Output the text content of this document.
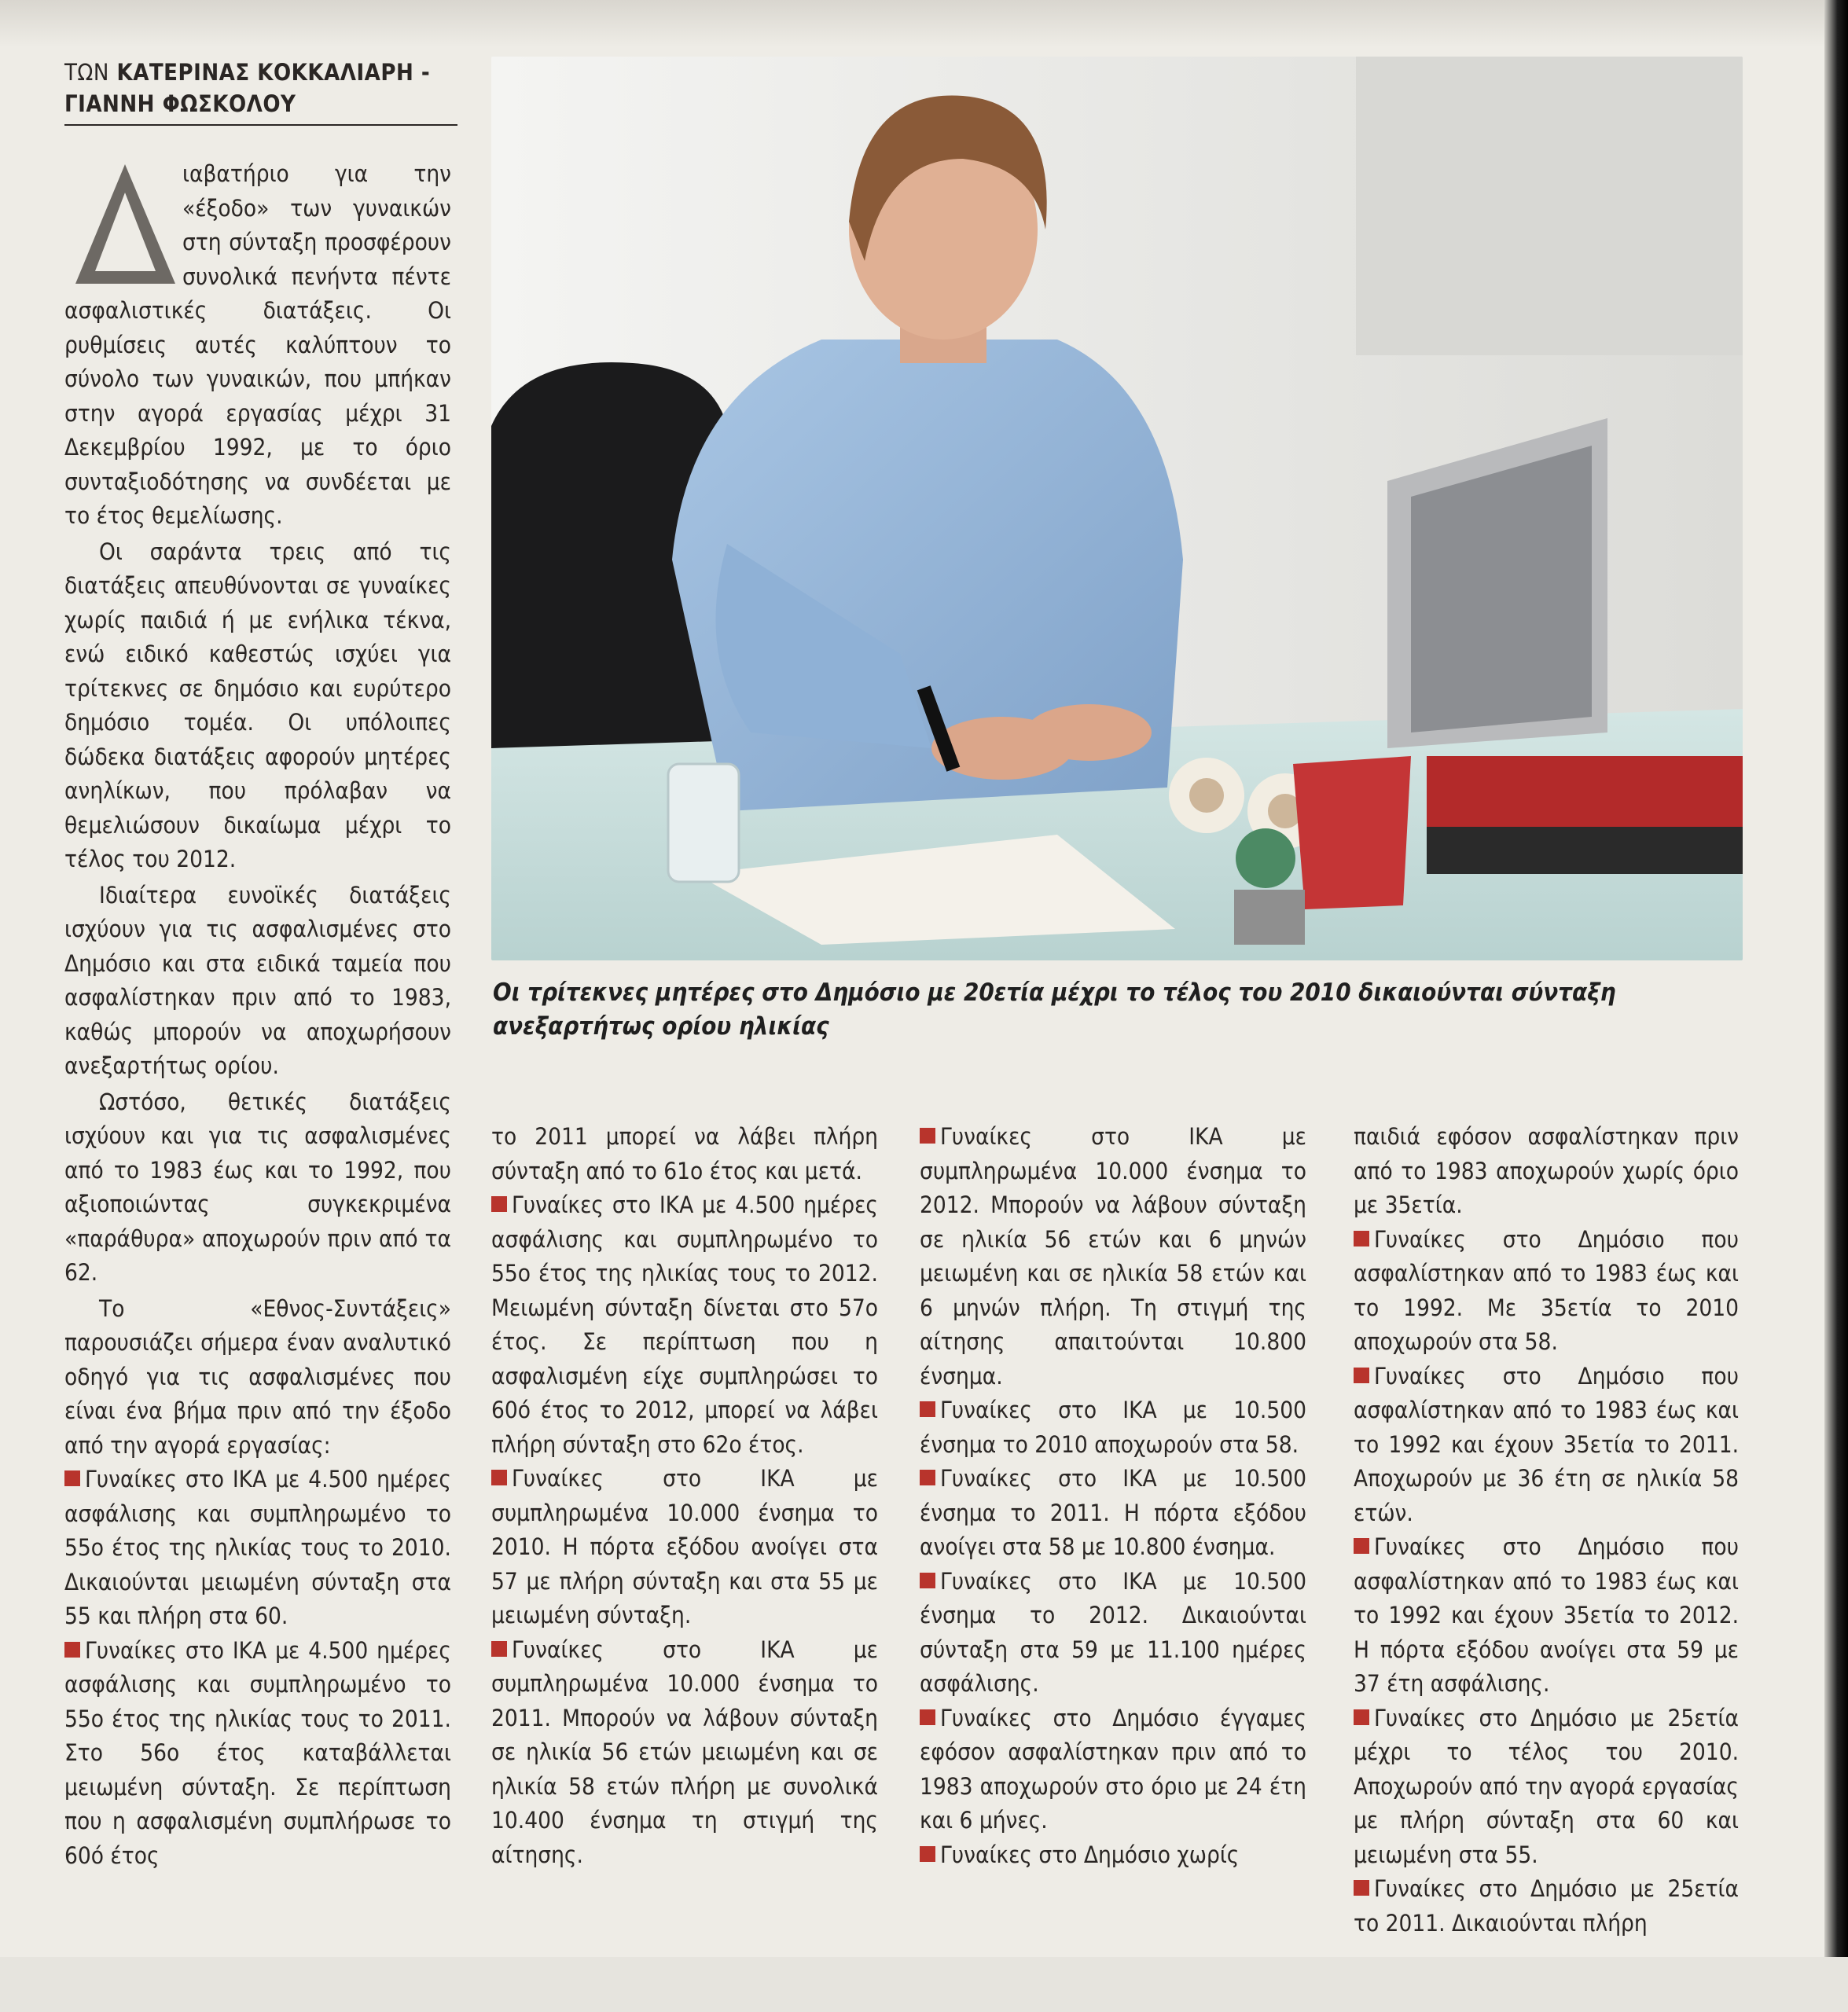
ΤΩΝ ΚΑΤΕΡΙΝΑΣ ΚΟΚΚΑΛΙΑΡΗ -
ΓΙΑΝΝΗ ΦΩΣΚΟΛΟΥ

ιαβατήριο για την «έξοδο» των γυναικών στη σύνταξη προσφέρουν συνολικά πενήντα πέντε ασφαλιστικές διατάξεις. Οι ρυθμίσεις αυτές καλύπτουν το σύνολο των γυναικών, που μπήκαν στην αγορά εργασίας μέχρι 31 Δεκεμβρίου 1992, με το όριο συνταξιοδότησης να συνδέεται με το έτος θεμελίωσης.

Οι σαράντα τρεις από τις διατάξεις απευθύνονται σε γυναίκες χωρίς παιδιά ή με ενήλικα τέκνα, ενώ ειδικό καθεστώς ισχύει για τρίτεκνες σε δημόσιο και ευρύτερο δημόσιο τομέα. Οι υπόλοιπες δώδεκα διατάξεις αφορούν μητέρες ανηλίκων, που πρόλαβαν να θεμελιώσουν δικαίωμα μέχρι το τέλος του 2012.

Ιδιαίτερα ευνοϊκές διατάξεις ισχύουν για τις ασφαλισμένες στο Δημόσιο και στα ειδικά ταμεία που ασφαλίστηκαν πριν από το 1983, καθώς μπορούν να αποχωρήσουν ανεξαρτήτως ορίου.

Ωστόσο, θετικές διατάξεις ισχύουν και για τις ασφαλισμένες από το 1983 έως και το 1992, που αξιοποιώντας συγκεκριμένα «παράθυρα» αποχωρούν πριν από τα 62.

Το «Εθνος-Συντάξεις» παρουσιάζει σήμερα έναν αναλυτικό οδηγό για τις ασφαλισμένες που είναι ένα βήμα πριν από την έξοδο από την αγορά εργασίας:

Γυναίκες στο ΙΚΑ με 4.500 ημέρες ασφάλισης και συμπληρωμένο το 55ο έτος της ηλικίας τους το 2010. Δικαιούνται μειωμένη σύνταξη στα 55 και πλήρη στα 60.

Γυναίκες στο ΙΚΑ με 4.500 ημέρες ασφάλισης και συμπληρωμένο το 55ο έτος της ηλικίας τους το 2011. Στο 56ο έτος καταβάλλεται μειωμένη σύνταξη. Σε περίπτωση που η ασφαλισμένη συμπλήρωσε το 60ό έτος

Οι τρίτεκνες μητέρες στο Δημόσιο με 20ετία μέχρι το τέλος του 2010 δικαιούνται σύνταξη ανεξαρτήτως ορίου ηλικίας

το 2011 μπορεί να λάβει πλήρη σύνταξη από το 61ο έτος και μετά.

Γυναίκες στο ΙΚΑ με 4.500 ημέρες ασφάλισης και συμπληρωμένο το 55ο έτος της ηλικίας τους το 2012. Μειωμένη σύνταξη δίνεται στο 57ο έτος. Σε περίπτωση που η ασφαλισμένη είχε συμπληρώσει το 60ό έτος το 2012, μπορεί να λάβει πλήρη σύνταξη στο 62ο έτος.

Γυναίκες στο ΙΚΑ με συμπληρωμένα 10.000 ένσημα το 2010. Η πόρτα εξόδου ανοίγει στα 57 με πλήρη σύνταξη και στα 55 με μειωμένη σύνταξη.

Γυναίκες στο ΙΚΑ με συμπληρωμένα 10.000 ένσημα το 2011. Μπορούν να λάβουν σύνταξη σε ηλικία 56 ετών μειωμένη και σε ηλικία 58 ετών πλήρη με συνολικά 10.400 ένσημα τη στιγμή της αίτησης.

Γυναίκες στο ΙΚΑ με συμπληρωμένα 10.000 ένσημα το 2012. Μπορούν να λάβουν σύνταξη σε ηλικία 56 ετών και 6 μηνών μειωμένη και σε ηλικία 58 ετών και 6 μηνών πλήρη. Τη στιγμή της αίτησης απαιτούνται 10.800 ένσημα.

Γυναίκες στο ΙΚΑ με 10.500 ένσημα το 2010 αποχωρούν στα 58.

Γυναίκες στο ΙΚΑ με 10.500 ένσημα το 2011. Η πόρτα εξόδου ανοίγει στα 58 με 10.800 ένσημα.

Γυναίκες στο ΙΚΑ με 10.500 ένσημα το 2012. Δικαιούνται σύνταξη στα 59 με 11.100 ημέρες ασφάλισης.

Γυναίκες στο Δημόσιο έγγαμες εφόσον ασφαλίστηκαν πριν από το 1983 αποχωρούν στο όριο με 24 έτη και 6 μήνες.

Γυναίκες στο Δημόσιο χωρίς

παιδιά εφόσον ασφαλίστηκαν πριν από το 1983 αποχωρούν χωρίς όριο με 35ετία.

Γυναίκες στο Δημόσιο που ασφαλίστηκαν από το 1983 έως και το 1992. Με 35ετία το 2010 αποχωρούν στα 58.

Γυναίκες στο Δημόσιο που ασφαλίστηκαν από το 1983 έως και το 1992 και έχουν 35ετία το 2011. Αποχωρούν με 36 έτη σε ηλικία 58 ετών.

Γυναίκες στο Δημόσιο που ασφαλίστηκαν από το 1983 έως και το 1992 και έχουν 35ετία το 2012. Η πόρτα εξόδου ανοίγει στα 59 με 37 έτη ασφάλισης.

Γυναίκες στο Δημόσιο με 25ετία μέχρι το τέλος του 2010. Αποχωρούν από την αγορά εργασίας με πλήρη σύνταξη στα 60 και μειωμένη στα 55.

Γυναίκες στο Δημόσιο με 25ετία το 2011. Δικαιούνται πλήρη
